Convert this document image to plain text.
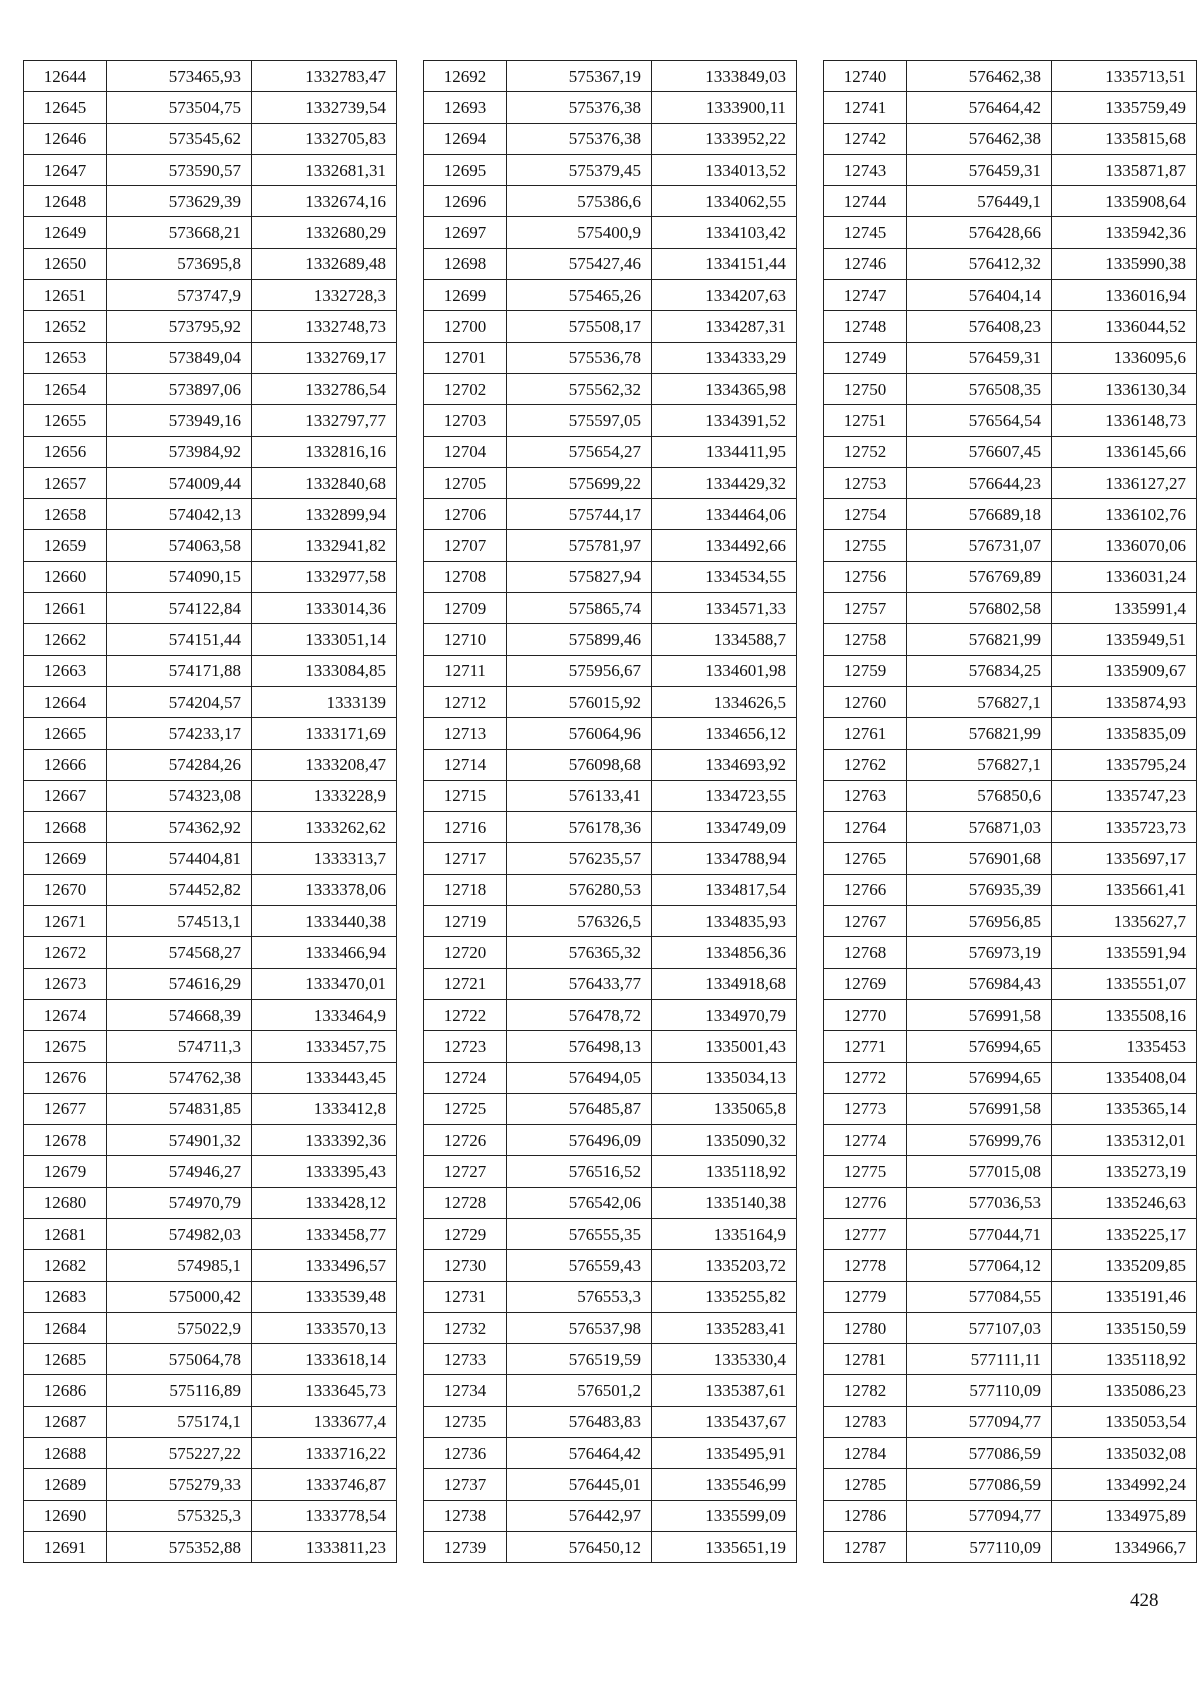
12644	573465,93	1332783,47
12645	573504,75	1332739,54
12646	573545,62	1332705,83
12647	573590,57	1332681,31
12648	573629,39	1332674,16
12649	573668,21	1332680,29
12650	573695,8	1332689,48
12651	573747,9	1332728,3
12652	573795,92	1332748,73
12653	573849,04	1332769,17
12654	573897,06	1332786,54
12655	573949,16	1332797,77
12656	573984,92	1332816,16
12657	574009,44	1332840,68
12658	574042,13	1332899,94
12659	574063,58	1332941,82
12660	574090,15	1332977,58
12661	574122,84	1333014,36
12662	574151,44	1333051,14
12663	574171,88	1333084,85
12664	574204,57	1333139
12665	574233,17	1333171,69
12666	574284,26	1333208,47
12667	574323,08	1333228,9
12668	574362,92	1333262,62
12669	574404,81	1333313,7
12670	574452,82	1333378,06
12671	574513,1	1333440,38
12672	574568,27	1333466,94
12673	574616,29	1333470,01
12674	574668,39	1333464,9
12675	574711,3	1333457,75
12676	574762,38	1333443,45
12677	574831,85	1333412,8
12678	574901,32	1333392,36
12679	574946,27	1333395,43
12680	574970,79	1333428,12
12681	574982,03	1333458,77
12682	574985,1	1333496,57
12683	575000,42	1333539,48
12684	575022,9	1333570,13
12685	575064,78	1333618,14
12686	575116,89	1333645,73
12687	575174,1	1333677,4
12688	575227,22	1333716,22
12689	575279,33	1333746,87
12690	575325,3	1333778,54
12691	575352,88	1333811,23
12692	575367,19	1333849,03
12693	575376,38	1333900,11
12694	575376,38	1333952,22
12695	575379,45	1334013,52
12696	575386,6	1334062,55
12697	575400,9	1334103,42
12698	575427,46	1334151,44
12699	575465,26	1334207,63
12700	575508,17	1334287,31
12701	575536,78	1334333,29
12702	575562,32	1334365,98
12703	575597,05	1334391,52
12704	575654,27	1334411,95
12705	575699,22	1334429,32
12706	575744,17	1334464,06
12707	575781,97	1334492,66
12708	575827,94	1334534,55
12709	575865,74	1334571,33
12710	575899,46	1334588,7
12711	575956,67	1334601,98
12712	576015,92	1334626,5
12713	576064,96	1334656,12
12714	576098,68	1334693,92
12715	576133,41	1334723,55
12716	576178,36	1334749,09
12717	576235,57	1334788,94
12718	576280,53	1334817,54
12719	576326,5	1334835,93
12720	576365,32	1334856,36
12721	576433,77	1334918,68
12722	576478,72	1334970,79
12723	576498,13	1335001,43
12724	576494,05	1335034,13
12725	576485,87	1335065,8
12726	576496,09	1335090,32
12727	576516,52	1335118,92
12728	576542,06	1335140,38
12729	576555,35	1335164,9
12730	576559,43	1335203,72
12731	576553,3	1335255,82
12732	576537,98	1335283,41
12733	576519,59	1335330,4
12734	576501,2	1335387,61
12735	576483,83	1335437,67
12736	576464,42	1335495,91
12737	576445,01	1335546,99
12738	576442,97	1335599,09
12739	576450,12	1335651,19
12740	576462,38	1335713,51
12741	576464,42	1335759,49
12742	576462,38	1335815,68
12743	576459,31	1335871,87
12744	576449,1	1335908,64
12745	576428,66	1335942,36
12746	576412,32	1335990,38
12747	576404,14	1336016,94
12748	576408,23	1336044,52
12749	576459,31	1336095,6
12750	576508,35	1336130,34
12751	576564,54	1336148,73
12752	576607,45	1336145,66
12753	576644,23	1336127,27
12754	576689,18	1336102,76
12755	576731,07	1336070,06
12756	576769,89	1336031,24
12757	576802,58	1335991,4
12758	576821,99	1335949,51
12759	576834,25	1335909,67
12760	576827,1	1335874,93
12761	576821,99	1335835,09
12762	576827,1	1335795,24
12763	576850,6	1335747,23
12764	576871,03	1335723,73
12765	576901,68	1335697,17
12766	576935,39	1335661,41
12767	576956,85	1335627,7
12768	576973,19	1335591,94
12769	576984,43	1335551,07
12770	576991,58	1335508,16
12771	576994,65	1335453
12772	576994,65	1335408,04
12773	576991,58	1335365,14
12774	576999,76	1335312,01
12775	577015,08	1335273,19
12776	577036,53	1335246,63
12777	577044,71	1335225,17
12778	577064,12	1335209,85
12779	577084,55	1335191,46
12780	577107,03	1335150,59
12781	577111,11	1335118,92
12782	577110,09	1335086,23
12783	577094,77	1335053,54
12784	577086,59	1335032,08
12785	577086,59	1334992,24
12786	577094,77	1334975,89
12787	577110,09	1334966,7
428
